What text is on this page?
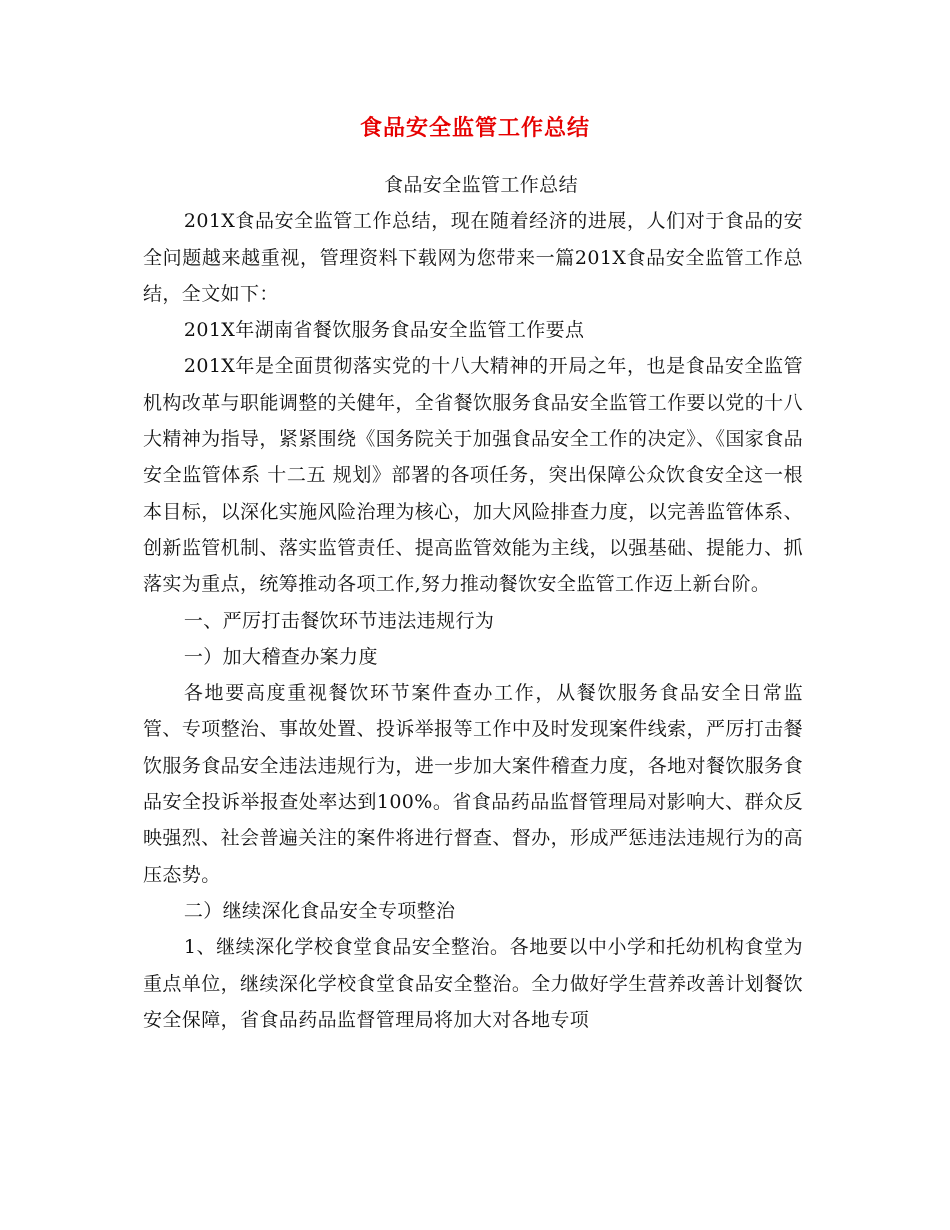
食品安全监管工作总结

食品安全监管工作总结

201X食品安全监管工作总结，现在随着经济的进展，人们对于食品的安全问题越来越重视，管理资料下载网为您带来一篇201X食品安全监管工作总结，全文如下：

201X年湖南省餐饮服务食品安全监管工作要点

201X年是全面贯彻落实党的十八大精神的开局之年，也是食品安全监管机构改革与职能调整的关健年，全省餐饮服务食品安全监管工作要以党的十八大精神为指导，紧紧围绕《国务院关于加强食品安全工作的决定》、《国家食品安全监管体系 十二五 规划》部署的各项任务，突出保障公众饮食安全这一根本目标，以深化实施风险治理为核心，加大风险排查力度，以完善监管体系、创新监管机制、落实监管责任、提高监管效能为主线，以强基础、提能力、抓落实为重点，统筹推动各项工作,努力推动餐饮安全监管工作迈上新台阶。

一、严厉打击餐饮环节违法违规行为

一）加大稽查办案力度

各地要高度重视餐饮环节案件查办工作，从餐饮服务食品安全日常监管、专项整治、事故处置、投诉举报等工作中及时发现案件线索，严厉打击餐饮服务食品安全违法违规行为，进一步加大案件稽查力度，各地对餐饮服务食品安全投诉举报查处率达到100%。省食品药品监督管理局对影响大、群众反映强烈、社会普遍关注的案件将进行督查、督办，形成严惩违法违规行为的高压态势。

二）继续深化食品安全专项整治

1、继续深化学校食堂食品安全整治。各地要以中小学和托幼机构食堂为重点单位，继续深化学校食堂食品安全整治。全力做好学生营养改善计划餐饮安全保障，省食品药品监督管理局将加大对各地专项
